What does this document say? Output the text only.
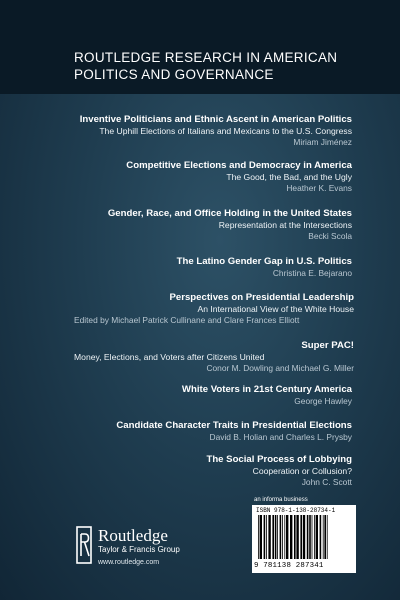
ROUTLEDGE RESEARCH IN AMERICAN POLITICS AND GOVERNANCE
Inventive Politicians and Ethnic Ascent in American Politics
The Uphill Elections of Italians and Mexicans to the U.S. Congress
Miriam Jiménez
Competitive Elections and Democracy in America
The Good, the Bad, and the Ugly
Heather K. Evans
Gender, Race, and Office Holding in the United States
Representation at the Intersections
Becki Scola
The Latino Gender Gap in U.S. Politics
Christina E. Bejarano
Perspectives on Presidential Leadership
An International View of the White House
Edited by Michael Patrick Cullinane and Clare Frances Elliott
Super PAC!
Money, Elections, and Voters after Citizens United
Conor M. Dowling and Michael G. Miller
White Voters in 21st Century America
George Hawley
Candidate Character Traits in Presidential Elections
David B. Holian and Charles L. Prysby
The Social Process of Lobbying
Cooperation or Collusion?
John C. Scott
an informa business
ISBN 978-1-138-28734-1
9 781138 287341
Routledge
Taylor & Francis Group
www.routledge.com
